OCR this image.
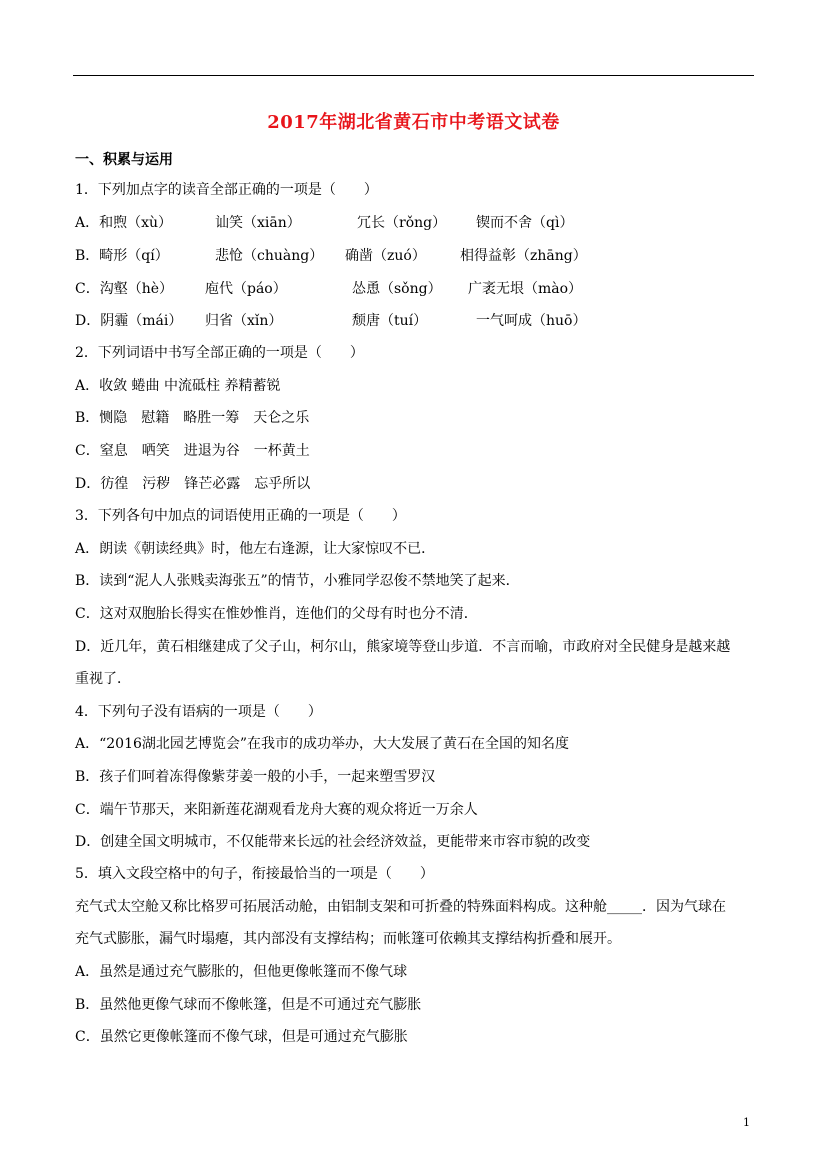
2017年湖北省黄石市中考语文试卷
一、积累与运用
1．下列加点字的读音全部正确的一项是（　　）
A．和煦（xù）	讪笑（xiān）	冗长（rǒng） 锲而不舍（qì）
B．畸形（qí）	悲怆（chuàng） 确凿（zuó） 相得益彰（zhāng）
C．沟壑（hè） 庖代（páo）	怂恿（sǒng） 广袤无垠（mào）
D．阴霾（mái） 归省（xǐn）	颓唐（tuí）	一气呵成（huō）
2．下列词语中书写全部正确的一项是（　　）
A．收敛 蜷曲 中流砥柱 养精蓄锐
B．恻隐　慰籍　略胜一筹　天仑之乐
C．窒息　哂笑　进退为谷　一杯黄土
D．彷徨　污秽　锋芒必露　忘乎所以
3．下列各句中加点的词语使用正确的一项是（　　）
A．朗读《朝读经典》时，他左右逢源，让大家惊叹不已．
B．读到“泥人人张贱卖海张五”的情节，小雅同学忍俊不禁地笑了起来．
C．这对双胞胎长得实在惟妙惟肖，连他们的父母有时也分不清．
D．近几年，黄石相继建成了父子山，柯尔山，熊家境等登山步道．不言而喻，市政府对全民健身是越来越
重视了．
4．下列句子没有语病的一项是（　　）
A．“2016湖北园艺博览会”在我市的成功举办，大大发展了黄石在全国的知名度
B．孩子们呵着冻得像紫芽姜一般的小手，一起来塑雪罗汉
C．端午节那天，来阳新莲花湖观看龙舟大赛的观众将近一万余人
D．创建全国文明城市，不仅能带来长远的社会经济效益，更能带来市容市貌的改变
5．填入文段空格中的句子，衔接最恰当的一项是（　　）
充气式太空舱又称比格罗可拓展活动舱，由铝制支架和可折叠的特殊面料构成。这种舱_____．因为气球在
充气式膨胀，漏气时塌瘪，其内部没有支撑结构；而帐篷可依赖其支撑结构折叠和展开。
A．虽然是通过充气膨胀的，但他更像帐篷而不像气球
B．虽然他更像气球而不像帐篷，但是不可通过充气膨胀
C．虽然它更像帐篷而不像气球，但是可通过充气膨胀
1
